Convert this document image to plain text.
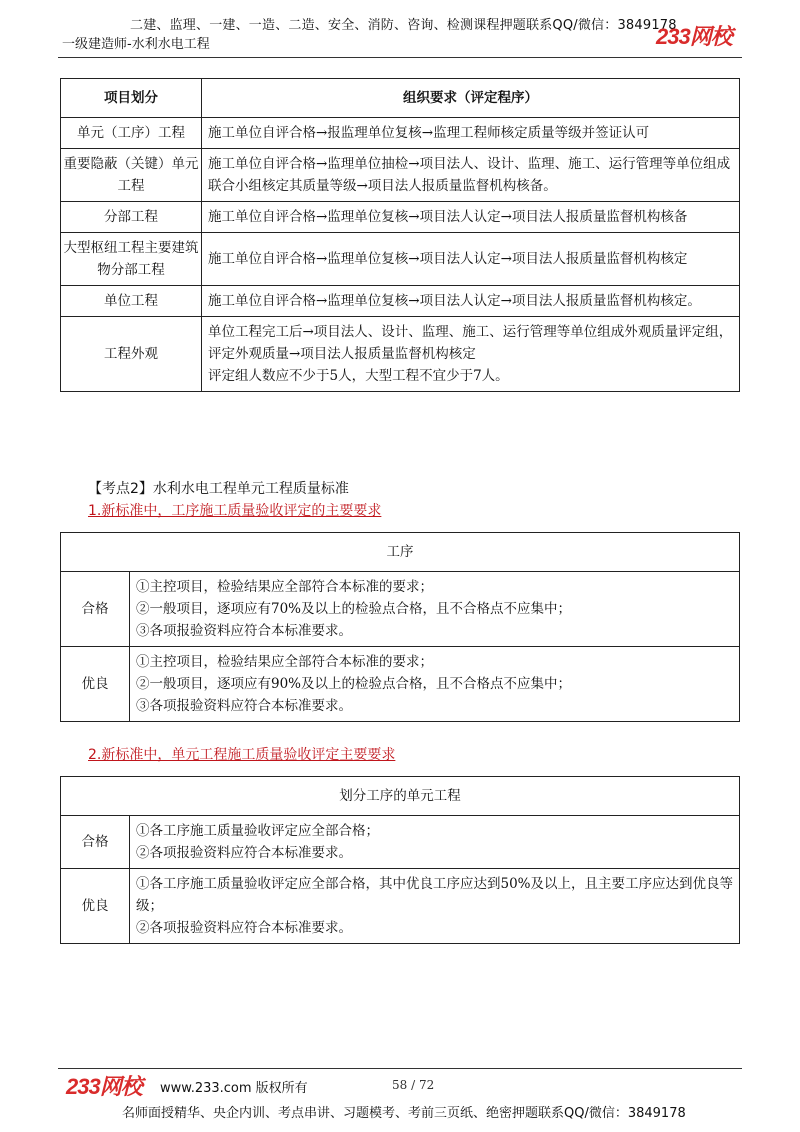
二建、监理、一建、一造、二造、安全、消防、咨询、检测课程押题联系QQ/微信：3849178
一级建造师-水利水电工程	233网校
项目划分	组织要求（评定程序）
单元（工序）工程	施工单位自评合格→报监理单位复核→监理工程师核定质量等级并签证认可
重要隐蔽（关键）单元工程	施工单位自评合格→监理单位抽检→项目法人、设计、监理、施工、运行管理等单位组成联合小组核定其质量等级→项目法人报质量监督机构核备。
分部工程	施工单位自评合格→监理单位复核→项目法人认定→项目法人报质量监督机构核备
大型枢纽工程主要建筑物分部工程	施工单位自评合格→监理单位复核→项目法人认定→项目法人报质量监督机构核定
单位工程	施工单位自评合格→监理单位复核→项目法人认定→项目法人报质量监督机构核定。
工程外观	单位工程完工后→项目法人、设计、监理、施工、运行管理等单位组成外观质量评定组，评定外观质量→项目法人报质量监督机构核定
评定组人数应不少于5人，大型工程不宜少于7人。
【考点2】水利水电工程单元工程质量标准
1.新标准中，工序施工质量验收评定的主要要求
工序	
合格	①主控项目，检验结果应全部符合本标准的要求；
②一般项目，逐项应有70%及以上的检验点合格，且不合格点不应集中；
③各项报验资料应符合本标准要求。

优良	①主控项目，检验结果应全部符合本标准的要求；
②一般项目，逐项应有90%及以上的检验点合格，且不合格点不应集中；
③各项报验资料应符合本标准要求。
2.新标准中，单元工程施工质量验收评定主要要求
划分工序的单元工程	
合格	①各工序施工质量验收评定应全部合格；
②各项报验资料应符合本标准要求。

优良	①各工序施工质量验收评定应全部合格，其中优良工序应达到50%及以上，且主要工序应达到优良等级；
②各项报验资料应符合本标准要求。
233网校 www.233.com 版权所有	58 / 72
名师面授精华、央企内训、考点串讲、习题模考、考前三页纸、绝密押题联系QQ/微信：3849178
